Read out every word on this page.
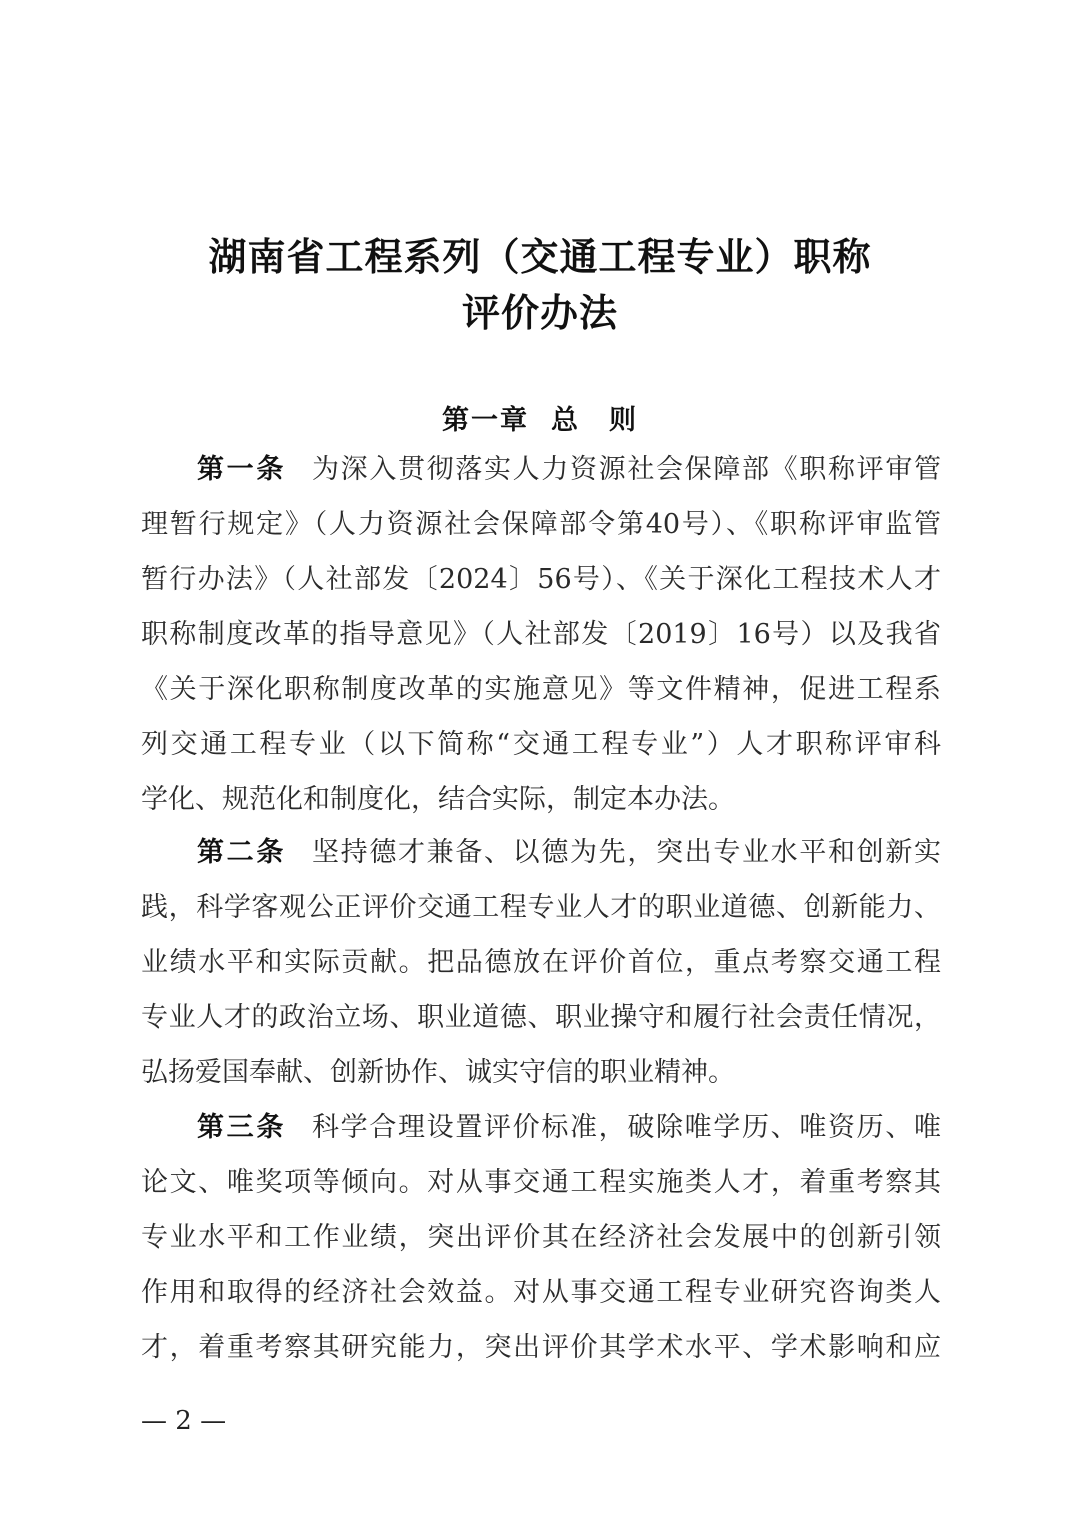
湖南省工程系列（交通工程专业）职称
评价办法
第一章 总　则
第一条 为深入贯彻落实人力资源社会保障部《职称评审管
理暂行规定》（人力资源社会保障部令第40号）、《职称评审监管
暂行办法》（人社部发〔2024〕56号）、《关于深化工程技术人才
职称制度改革的指导意见》（人社部发〔2019〕16号）以及我省
《关于深化职称制度改革的实施意见》等文件精神，促进工程系
列交通工程专业（以下简称“交通工程专业”）人才职称评审科
学化、规范化和制度化，结合实际，制定本办法。
第二条 坚持德才兼备、以德为先，突出专业水平和创新实
践，科学客观公正评价交通工程专业人才的职业道德、创新能力、
业绩水平和实际贡献。把品德放在评价首位，重点考察交通工程
专业人才的政治立场、职业道德、职业操守和履行社会责任情况，
弘扬爱国奉献、创新协作、诚实守信的职业精神。
第三条 科学合理设置评价标准，破除唯学历、唯资历、唯
论文、唯奖项等倾向。对从事交通工程实施类人才，着重考察其
专业水平和工作业绩，突出评价其在经济社会发展中的创新引领
作用和取得的经济社会效益。对从事交通工程专业研究咨询类人
才，着重考察其研究能力，突出评价其学术水平、学术影响和应
— 2 —
